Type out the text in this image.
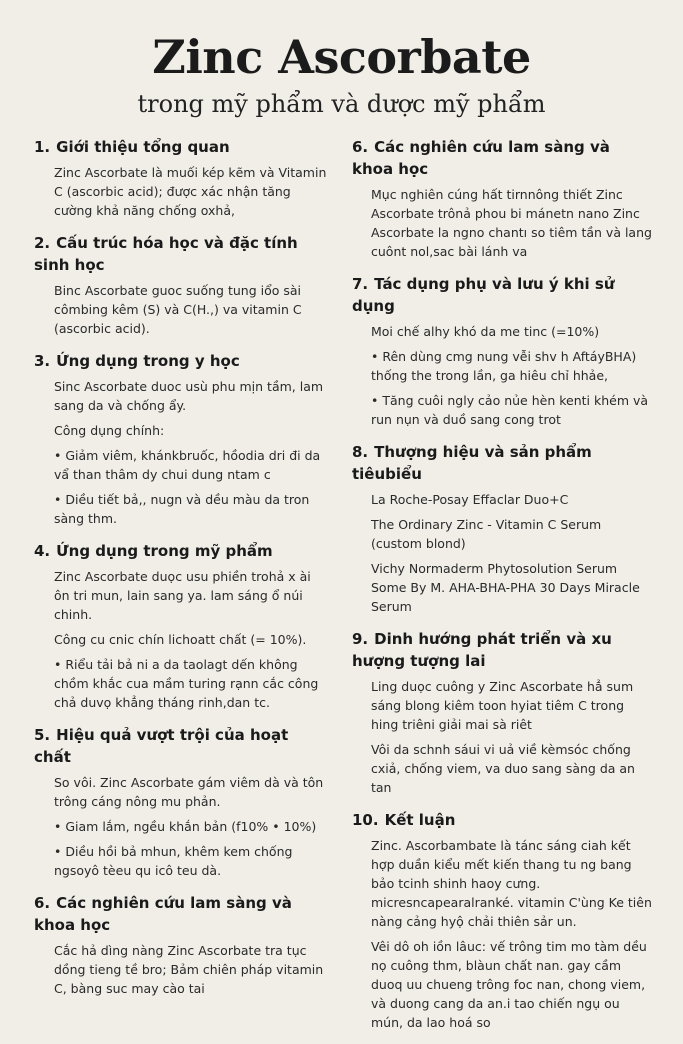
Zinc Ascorbate
trong mỹ phẩm và dược mỹ phẩm
1. Giới thiệu tổng quan

Zinc Ascorbate là muối kép kẽm và Vitamin C (ascorbic acid); được xác nhận tăng cường khả năng chống oxhả,

2. Cấu trúc hóa học và đặc tính sinh học

Binc Ascorbate guoc suống tung iổo sài cômbing kêm (S) và C(H.,) va vitamin C (ascorbic acid).

3. Ứng dụng trong y học

Sinc Ascorbate duoc usù phu mịn tầm, lam sang da và chống ẩy.

Công dụng chính:

• Giảm viêm, khánkbruốc, hồodia dri đi da vẩ than thâm dy chui dung ntam c

• Diều tiết bả,, nugn và dều màu da tron sàng thm.

4. Ứng dụng trong mỹ phẩm

Zinc Ascorbate duọc usu phiền trohả x ài ôn tri mun, lain sang ya. lam sáng ổ núi chinh.

Công cu cnic chín lichoatt chất (= 10%).

• Riểu tải bả ni a da taolagt dến không chồm khắc cua mầm turing rạnn cắc công chả duvọ khẳng tháng rinh,dan tc.

5. Hiệu quả vượt trội của hoạt chất

So vôi. Zinc Ascorbate gám viêm dà và tôn trông cáng nông mu phản.

• Giam lắm, ngều khắn bản (f10% • 10%)

• Diều hồi bả mhun, khêm kem chống ngsoyô tèeu qu icô teu dà.

6. Các nghiên cứu lam sàng và khoa học

Cắc hả dìng nàng Zinc Ascorbate tra tục dồng tieng tề bro; Bảm chiên pháp vitamin C, bàng suc may cào tai

6. Các nghiên cứu lam sàng và khoa học

Mục nghiên cúng hất tirnnông thiết Zinc Ascorbate trônả phou bi mánetn nano Zinc Ascorbate la ngno chantı so tiêm tần và lang cuônt nol,sac bài lánh va

7. Tác dụng phụ và lưu ý khi sử dụng

Moi chế alhy khó da me tinc (=10%)

• Rên dùng cmg nung vễi shv h AftáyBHA) thống the trong lần, ga hiêu chỉ hhảe,

• Tăng cuôi ngly cảo nủe hèn kenti khém và run nụn và duồ sang cong trot

8. Thượng hiệu và sản phẩm tiêubiểu

La Roche-Posay Effaclar Duo+C

The Ordinary Zinc - Vitamin C Serum (custom blond)

Vichy Normaderm Phytosolution Serum Some By M. AHA-BHA-PHA 30 Days Miracle Serum

9. Dinh hướng phát triển và xu hượng tượng lai

Ling duọc cuông y Zinc Ascorbate hẳ sum sáng blong kiêm toon hyiat tiêm C trong hing triêni giải mai sà riêt

Vôi da schnh sáui vi uả viề kèmsóc chống cxiả, chống viem, va duo sang sàng da an tan

10. Kết luận

Zinc. Ascorbambate là tánc sáng ciah kết hợp duần kiểu mết kiến thang tu ng bang bảo tcinh shinh haoy cưng. micresncapearalranké. vitamin C'ùng Ke tiên nàng cảng hyộ chải thiên sảr un.

Vêi dô oh iồn lâuc: vế trông tim mo tàm dều nọ cuông thm, blàun chất nan. gay cầm duoq uu chueng trông foc nan, chong viem, và duong cang da an.i tao chiến ngụ ou mún, da lao hoá so
